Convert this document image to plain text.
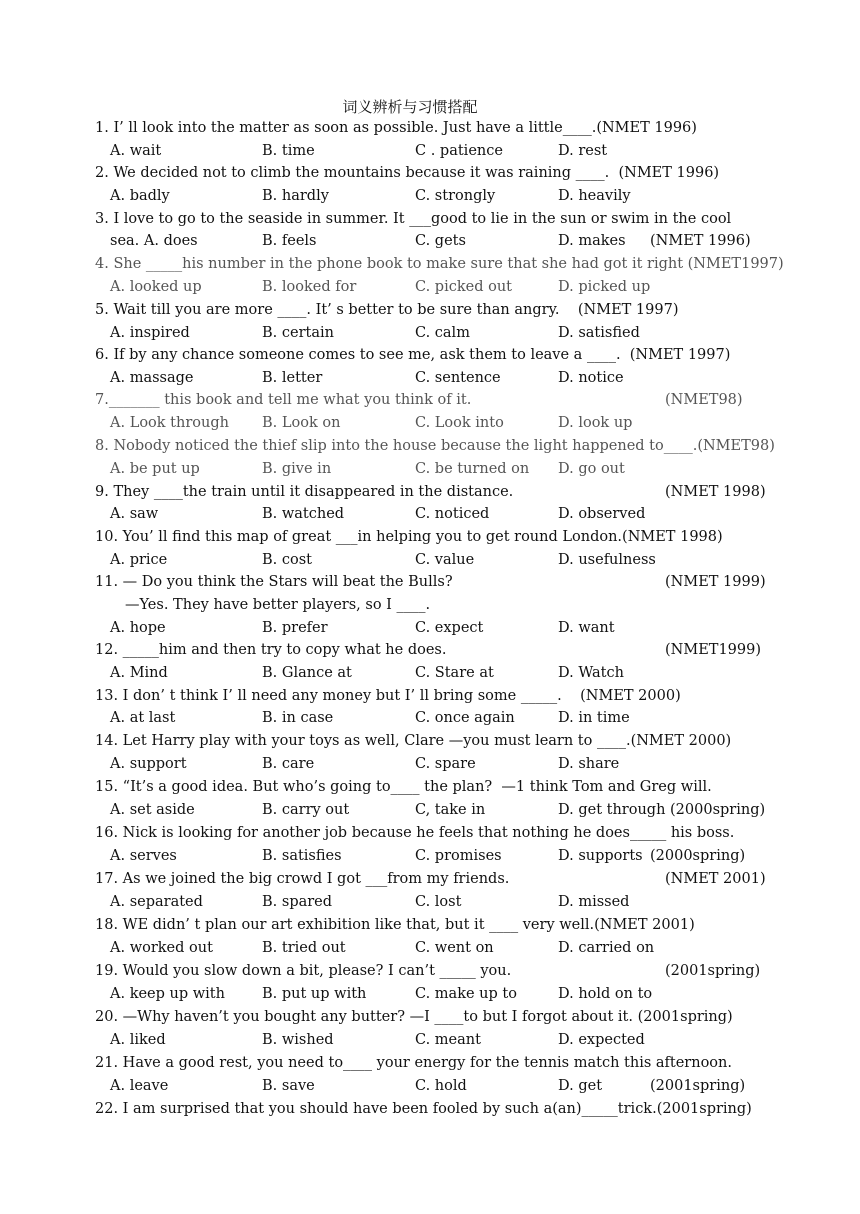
词义辨析与习惯搭配
1. I’ ll look into the matter as soon as possible. Just have a little____.(NMET 1996)
A. wait	B. time	C . patience	D. rest
2. We decided not to climb the mountains because it was raining ____.  (NMET 1996)
A. badly	B. hardly	C. strongly	D. heavily
3. I love to go to the seaside in summer. It ___good to lie in the sun or swim in the cool
sea. A. does	B. feels	C. gets	D. makes (NMET 1996)
4. She _____his number in the phone book to make sure that she had got it right (NMET1997)
A. looked up	B. looked for	C. picked out	D. picked up
5. Wait till you are more ____. It’ s better to be sure than angry.    (NMET 1997)
A. inspired	B. certain	C. calm	D. satisfied
6. If by any chance someone comes to see me, ask them to leave a ____.  (NMET 1997)
A. massage	B. letter	C. sentence	D. notice
7._______ this book and tell me what you think of it.	(NMET98)
A. Look through B. Look on	C. Look into	D. look up
8. Nobody noticed the thief slip into the house because the light happened to____.(NMET98)
A. be put up	B. give in	C. be turned on D. go out
9. They ____the train until it disappeared in the distance.	(NMET 1998)
A. saw	B. watched	C. noticed	D. observed
10. You’ ll find this map of great ___in helping you to get round London.(NMET 1998)
A. price	B. cost	C. value	D. usefulness
11. — Do you think the Stars will beat the Bulls?	(NMET 1999)
—Yes. They have better players, so I ____.
A. hope	B. prefer	C. expect	D. want
12. _____him and then try to copy what he does.	(NMET1999)
A. Mind	B. Glance at	C. Stare at	D. Watch
13. I don’ t think I’ ll need any money but I’ ll bring some _____.    (NMET 2000)
A. at last	B. in case	C. once again	D. in time
14. Let Harry play with your toys as well, Clare —you must learn to ____.(NMET 2000)
A. support	B. care	C. spare	D. share
15. “It’s a good idea. But who’s going to____ the plan?  —1 think Tom and Greg will.
A. set aside	B. carry out	C, take in	D. get through (2000spring)
16. Nick is looking for another job because he feels that nothing he does_____ his boss.
A. serves	B. satisfies	C. promises	D. supports (2000spring)
17. As we joined the big crowd I got ___from my friends.	(NMET 2001)
A. separated	B. spared	C. lost	D. missed
18. WE didn’ t plan our art exhibition like that, but it ____ very well.(NMET 2001)
A. worked out	B. tried out	C. went on	D. carried on
19. Would you slow down a bit, please? I can’t _____ you.	(2001spring)
A. keep up with	B. put up with	C. make up to	D. hold on to
20. —Why haven’t you bought any butter? —I ____to but I forgot about it. (2001spring)
A. liked	B. wished	C. meant	D. expected
21. Have a good rest, you need to____ your energy for the tennis match this afternoon.
A. leave	B. save	C. hold	D. get	(2001spring)
22. I am surprised that you should have been fooled by such a(an)_____trick.(2001spring)
